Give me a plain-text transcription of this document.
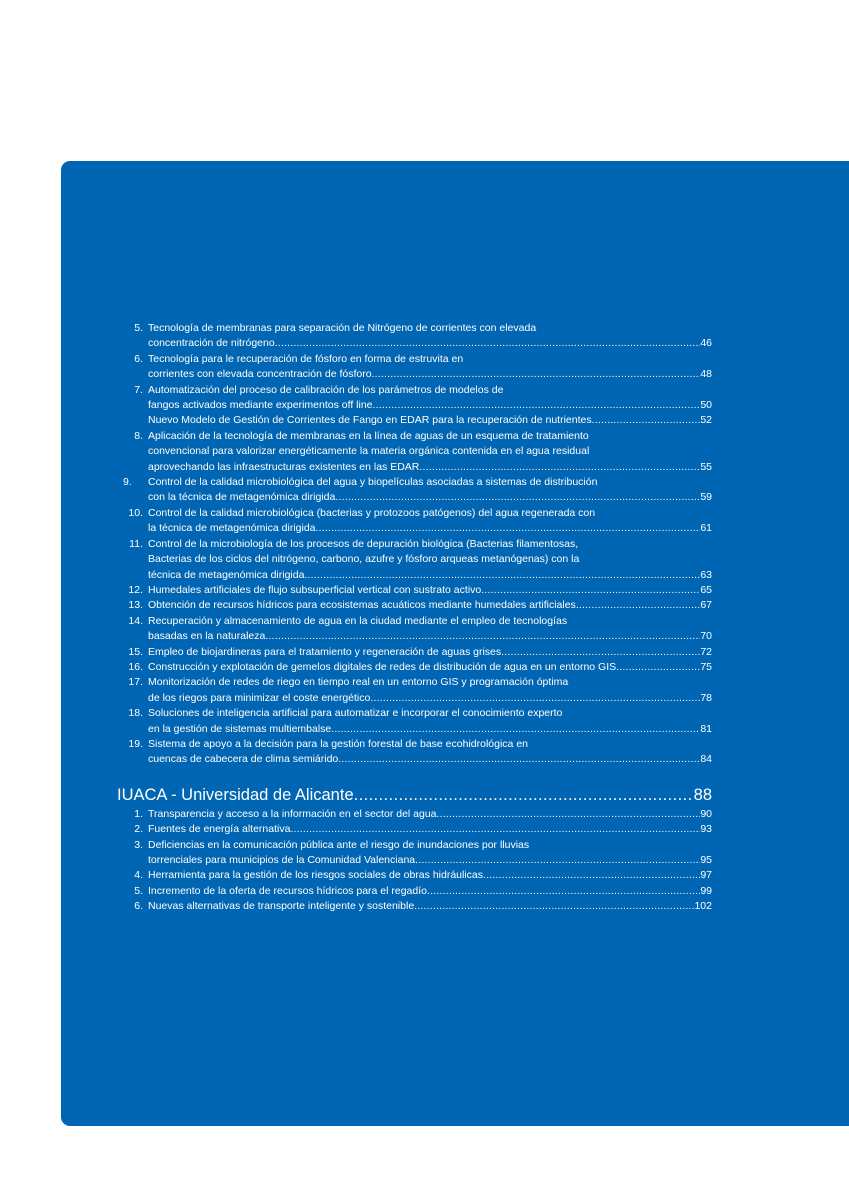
5. Tecnología de membranas para separación de Nitrógeno de corrientes con elevada
concentración de nitrógeno .....	46
6. Tecnología para le recuperación de fósforo en forma de estruvita en
corrientes con elevada concentración de fósforo .....	48
7. Automatización del proceso de calibración de los parámetros de modelos de
fangos activados mediante experimentos off line .....	50
Nuevo Modelo de Gestión de Corrientes de Fango en EDAR para la recuperación de nutrientes .....	52
8. Aplicación de la tecnología de membranas en la línea de aguas de un esquema de tratamiento
convencional para valorizar energéticamente la materia orgánica contenida en el agua residual
aprovechando las infraestructuras existentes en las EDAR .....	55
9.	Control de la calidad microbiológica del agua y biopelículas asociadas a sistemas de distribución
con la técnica de metagenómica dirigida .....	59
10. Control de la calidad microbiológica (bacterias y protozoos patógenos) del agua regenerada con
la técnica de metagenómica dirigida .....	61
11. Control de la microbiología de los procesos de depuración biológica (Bacterias filamentosas,
Bacterias de los ciclos del nitrógeno, carbono, azufre y fósforo arqueas metanógenas) con la
técnica de metagenómica dirigida .....	63
12. Humedales artificiales de flujo subsuperficial vertical con sustrato activo .....	65
13. Obtención de recursos hídricos para ecosistemas acuáticos mediante humedales artificiales .....	67
14. Recuperación y almacenamiento de agua en la ciudad mediante el empleo de tecnologías
basadas en la naturaleza .....	70
15. Empleo de biojardineras para el tratamiento y regeneración de aguas grises .....	72
16. Construcción y explotación de gemelos digitales de redes de distribución de agua en un entorno GIS .....	75
17. Monitorización de redes de riego en tiempo real en un entorno GIS y programación óptima
de los riegos para minimizar el coste energético .....	78
18. Soluciones de inteligencia artificial para automatizar e incorporar el conocimiento experto
en la gestión de sistemas multiembalse .....	81
19. Sistema de apoyo a la decisión para la gestión forestal de base ecohidrológica en
cuencas de cabecera de clima semiárido .....	84
IUACA - Universidad de Alicante .....	88
1. Transparencia y acceso a la información en el sector del agua .....	90
2. Fuentes de energía alternativa .....	93
3. Deficiencias en la comunicación pública ante el riesgo de inundaciones por lluvias
torrenciales para municipios de la Comunidad Valenciana .....	95
4. Herramienta para la gestión de los riesgos sociales de obras hidráulicas .....	97
5. Incremento de la oferta de recursos hídricos para el regadío .....	99
6. Nuevas alternativas de transporte inteligente y sostenible .....	102
